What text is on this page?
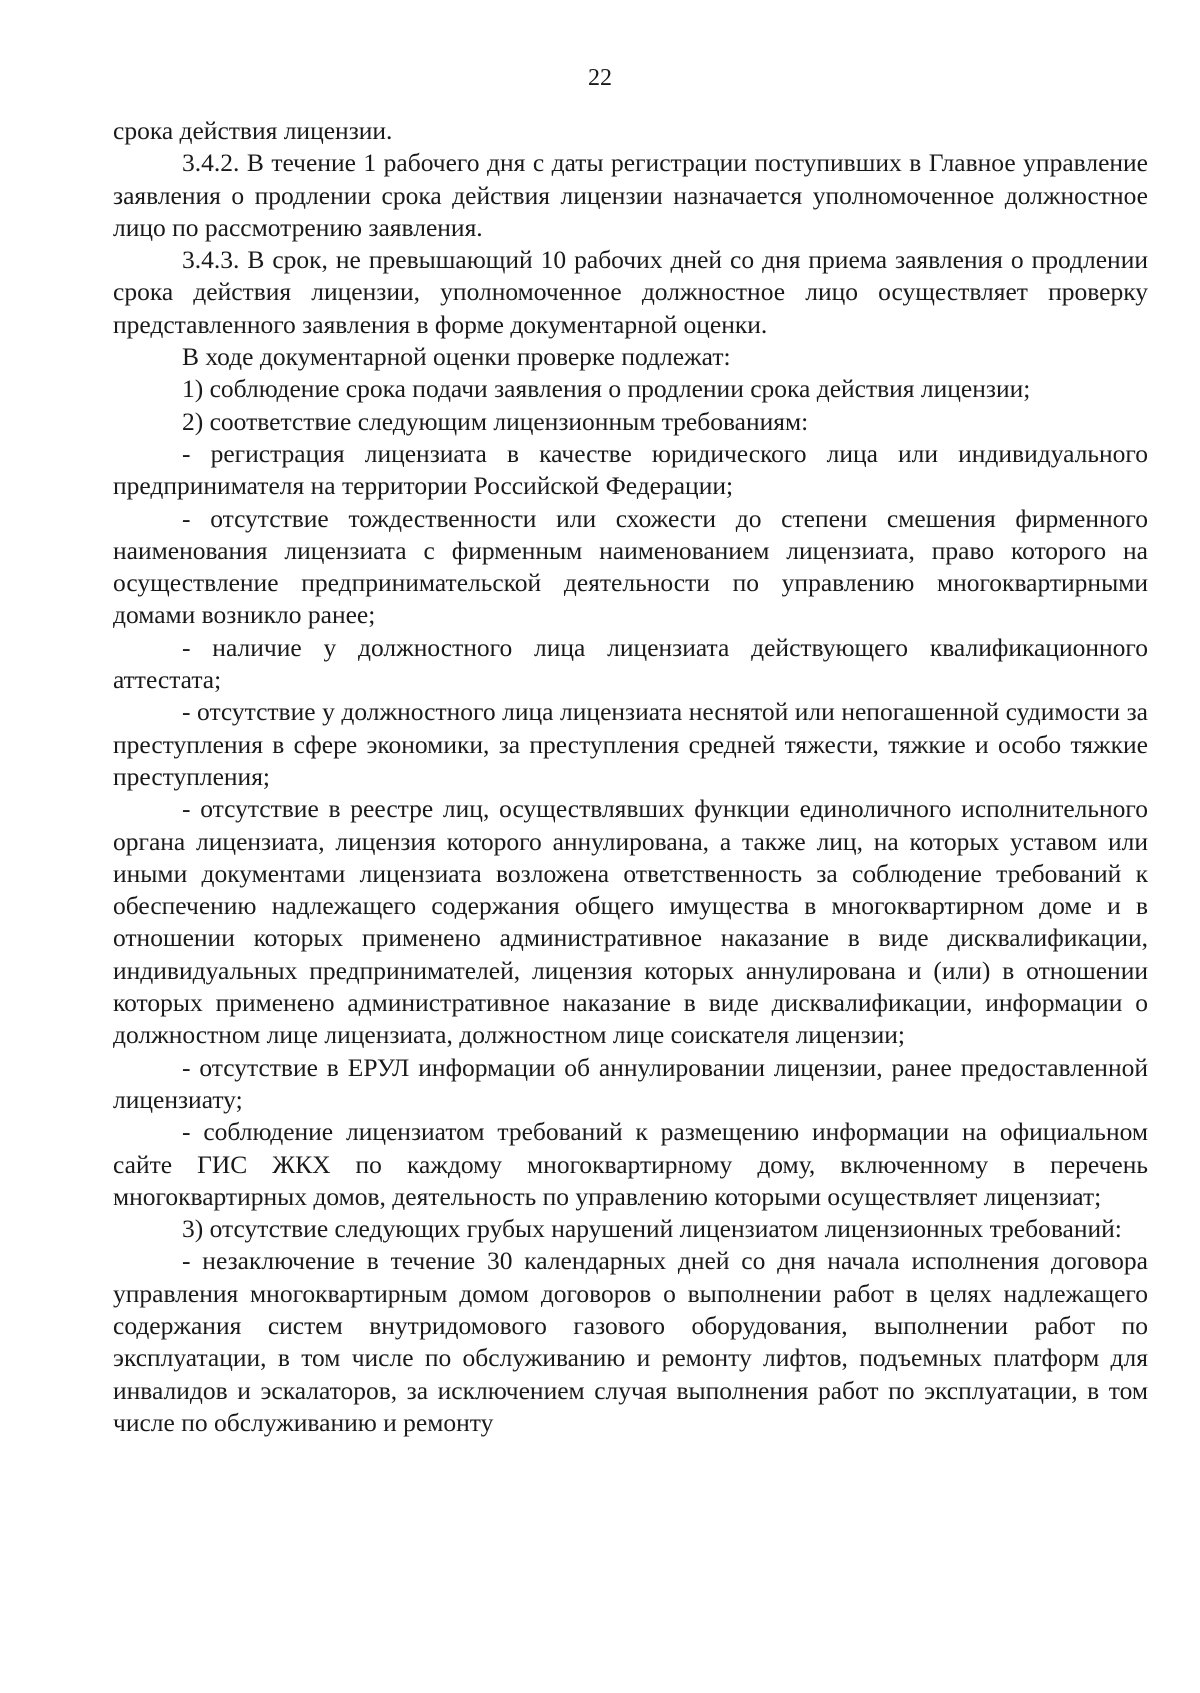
22

срока действия лицензии.

3.4.2. В течение 1 рабочего дня с даты регистрации поступивших в Главное управление заявления о продлении срока действия лицензии назначается уполномоченное должностное лицо по рассмотрению заявления.

3.4.3. В срок, не превышающий 10 рабочих дней со дня приема заявления о продлении срока действия лицензии, уполномоченное должностное лицо осуществляет проверку представленного заявления в форме документарной оценки.

В ходе документарной оценки проверке подлежат:

1) соблюдение срока подачи заявления о продлении срока действия лицензии;

2) соответствие следующим лицензионным требованиям:

- регистрация лицензиата в качестве юридического лица или индивидуального предпринимателя на территории Российской Федерации;

- отсутствие тождественности или схожести до степени смешения фирменного наименования лицензиата с фирменным наименованием лицензиата, право которого на осуществление предпринимательской деятельности по управлению многоквартирными домами возникло ранее;

- наличие у должностного лица лицензиата действующего квалификационного аттестата;

- отсутствие у должностного лица лицензиата неснятой или непогашенной судимости за преступления в сфере экономики, за преступления средней тяжести, тяжкие и особо тяжкие преступления;

- отсутствие в реестре лиц, осуществлявших функции единоличного исполнительного органа лицензиата, лицензия которого аннулирована, а также лиц, на которых уставом или иными документами лицензиата возложена ответственность за соблюдение требований к обеспечению надлежащего содержания общего имущества в многоквартирном доме и в отношении которых применено административное наказание в виде дисквалификации, индивидуальных предпринимателей, лицензия которых аннулирована и (или) в отношении которых применено административное наказание в виде дисквалификации, информации о должностном лице лицензиата, должностном лице соискателя лицензии;

- отсутствие в ЕРУЛ информации об аннулировании лицензии, ранее предоставленной лицензиату;

- соблюдение лицензиатом требований к размещению информации на официальном сайте ГИС ЖКХ по каждому многоквартирному дому, включенному в перечень многоквартирных домов, деятельность по управлению которыми осуществляет лицензиат;

3) отсутствие следующих грубых нарушений лицензиатом лицензионных требований:

- незаключение в течение 30 календарных дней со дня начала исполнения договора управления многоквартирным домом договоров о выполнении работ в целях надлежащего содержания систем внутридомового газового оборудования, выполнении работ по эксплуатации, в том числе по обслуживанию и ремонту лифтов, подъемных платформ для инвалидов и эскалаторов, за исключением случая выполнения работ по эксплуатации, в том числе по обслуживанию и ремонту
